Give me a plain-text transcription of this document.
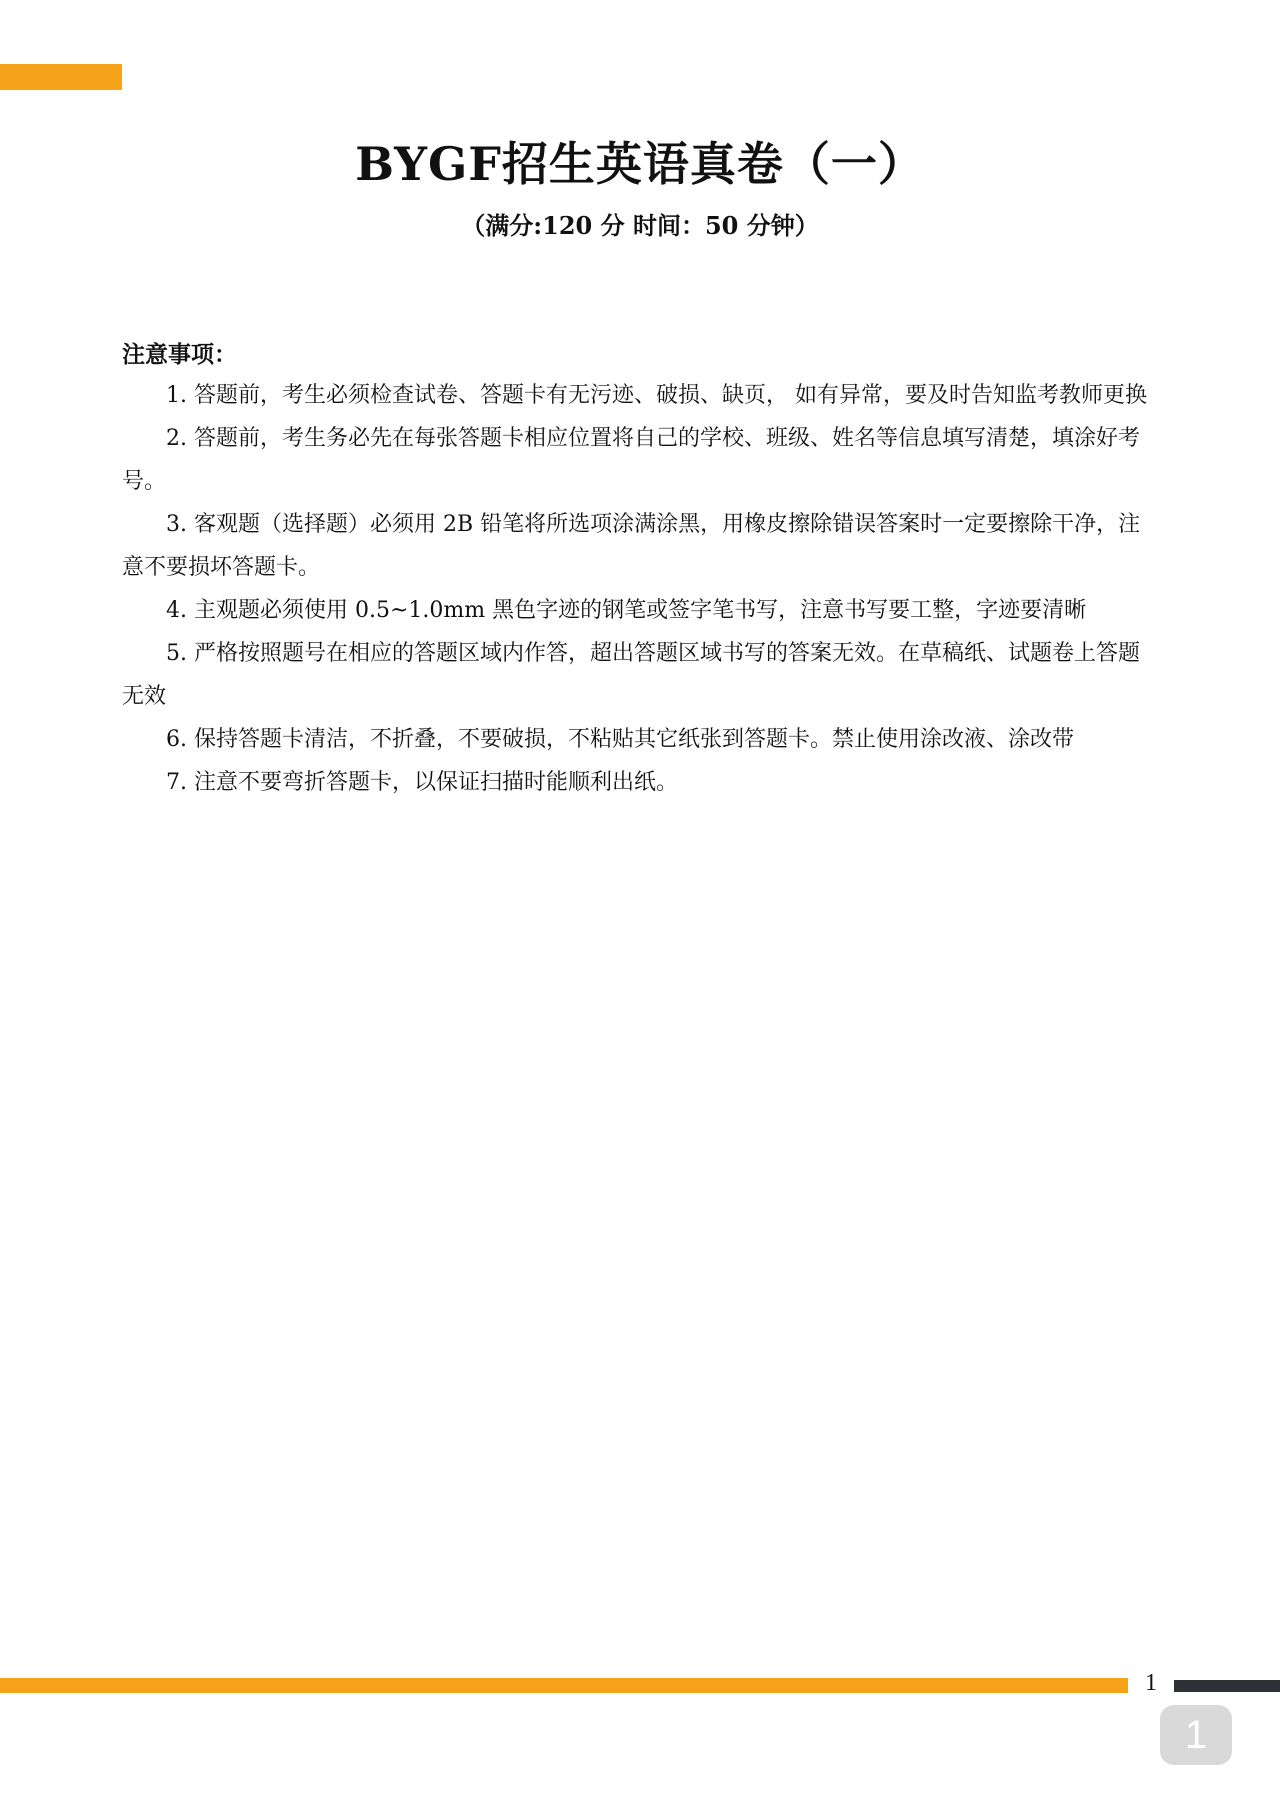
BYGF招生英语真卷（一）
（满分:120 分 时间：50 分钟）
注意事项：
1. 答题前，考生必须检查试卷、答题卡有无污迹、破损、缺页， 如有异常，要及时告知监考教师更换
2. 答题前，考生务必先在每张答题卡相应位置将自己的学校、班级、姓名等信息填写清楚，填涂好考号。
3. 客观题（选择题）必须用 2B 铅笔将所选项涂满涂黑，用橡皮擦除错误答案时一定要擦除干净，注意不要损坏答题卡。
4. 主观题必须使用 0.5~1.0mm 黑色字迹的钢笔或签字笔书写，注意书写要工整，字迹要清晰
5. 严格按照题号在相应的答题区域内作答，超出答题区域书写的答案无效。在草稿纸、试题卷上答题无效
6. 保持答题卡清洁，不折叠，不要破损，不粘贴其它纸张到答题卡。禁止使用涂改液、涂改带
7. 注意不要弯折答题卡，以保证扫描时能顺利出纸。
1
1
